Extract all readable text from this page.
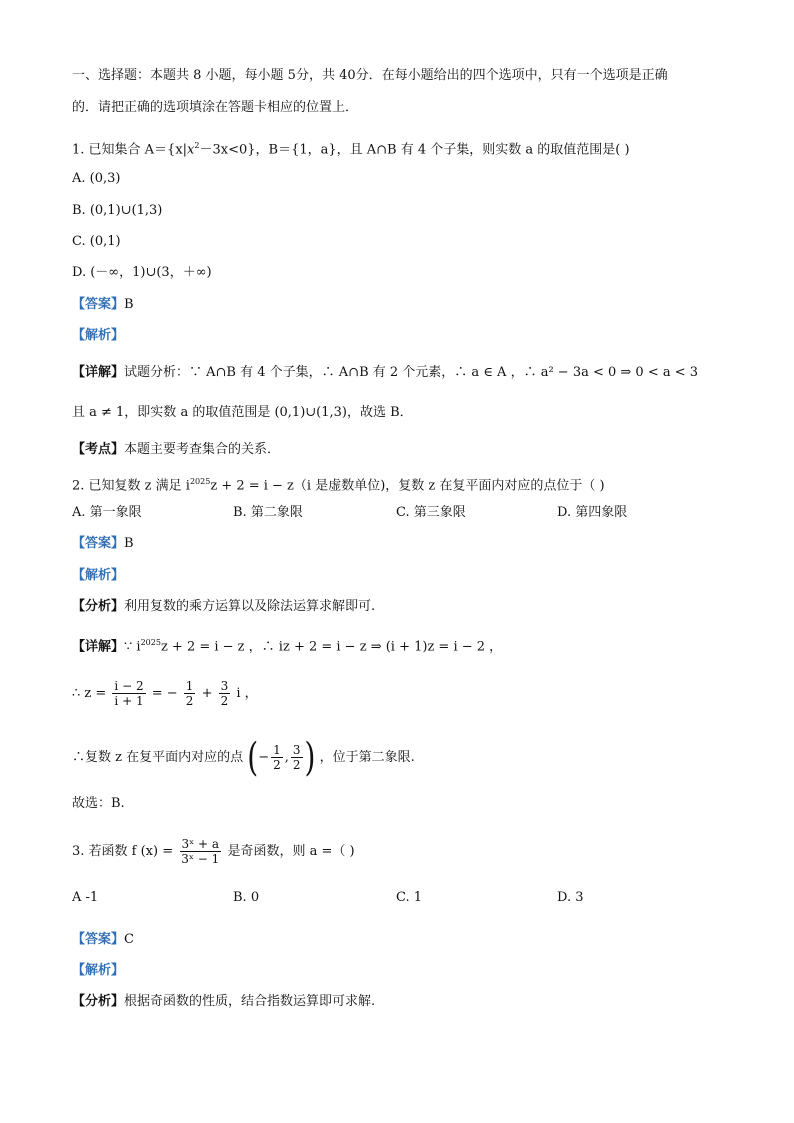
一、选择题：本题共 8 小题，每小题 5分，共 40分．在每小题给出的四个选项中，只有一个选项是正确
的．请把正确的选项填涂在答题卡相应的位置上．
1. 已知集合 $A=\{x|x^2-3x<0\}$，B＝{1，a}，且 A∩B 有 4 个子集，则实数 a 的取值范围是( )
A. (0,3)
B. (0,1)∪(1,3)
C. (0,1)
D. (－∞，1)∪(3，＋∞)
【答案】B
【解析】
【详解】试题分析：∵ A∩B 有 4 个子集，∴ A∩B 有 2 个元素，∴ a ∈ A ，∴ a² − 3a < 0 ⇒ 0 < a < 3
且 a ≠ 1，即实数 a 的取值范围是 (0,1)∪(1,3)，故选 B．
【考点】本题主要考查集合的关系．
2. 已知复数 z 满足 $i^{2025}z + 2 = i - z(i$ 是虚数单位)，复数 z 在复平面内对应的点位于（ )
A. 第一象限	B. 第二象限	C. 第三象限	D. 第四象限
【答案】B
【解析】
【分析】利用复数的乘方运算以及除法运算求解即可.
【详解】∵ $i^{2025}z + 2 = i - z$ ，∴ iz + 2 = i − z ⇒ (i + 1)z = i − 2 ，
∴ $z = \frac{i - 2}{i + 1}$ = − $\frac{1}{2} + \frac{3}{2}$ i ，
∴复数 z 在复平面内对应的点 (− $\frac{1}{2}$ , $\frac{3}{2}$ ) ，位于第二象限.
故选：B.
3. 若函数 f $(x) = \frac{\text{3ˣ + a}}{\text{3ˣ − 1}}$ 是奇函数，则 a =（ )
A -1	B. 0	C. 1	D. 3
【答案】C
【解析】
【分析】根据奇函数的性质，结合指数运算即可求解.
